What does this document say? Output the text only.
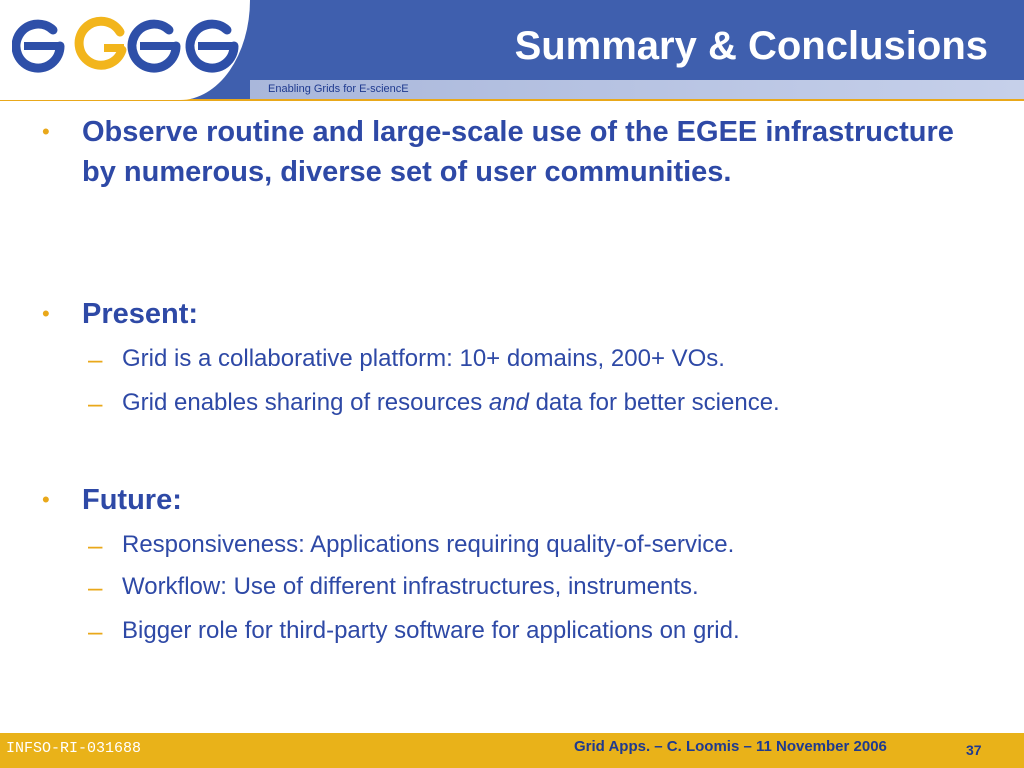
Summary & Conclusions
Enabling Grids for E-sciencE
• Observe routine and large-scale use of the EGEE infrastructure by numerous, diverse set of user communities.
• Present:
– Grid is a collaborative platform: 10+ domains, 200+ VOs.
– Grid enables sharing of resources and data for better science.
• Future:
– Responsiveness: Applications requiring quality-of-service.
– Workflow: Use of different infrastructures, instruments.
– Bigger role for third-party software for applications on grid.
INFSO-RI-031688	Grid Apps. – C. Loomis – 11 November 2006	37
